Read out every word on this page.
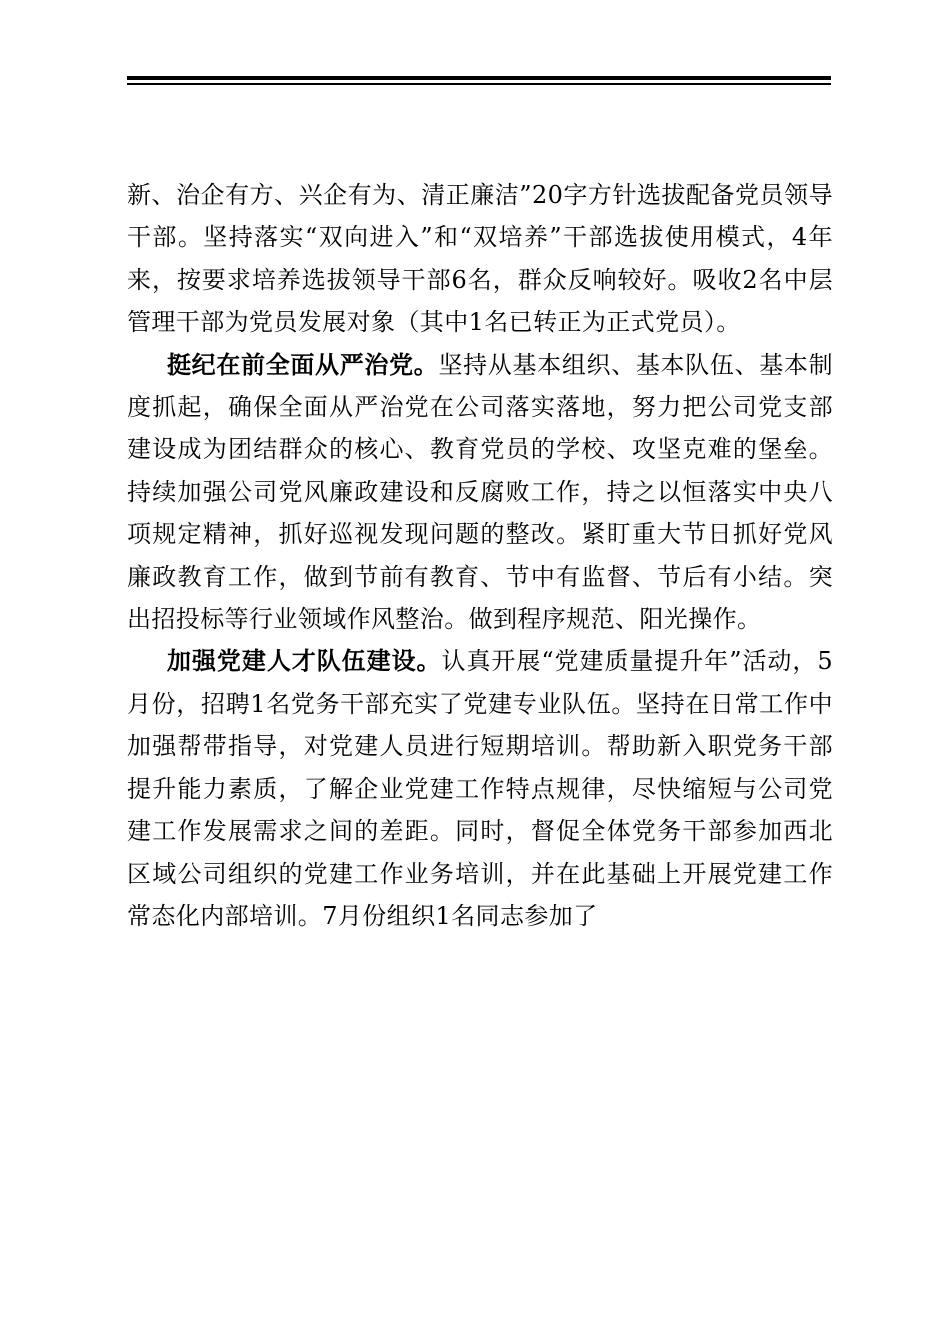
新、治企有方、兴企有为、清正廉洁”20字方针选拔配备党员领导干部。坚持落实“双向进入”和“双培养”干部选拔使用模式，4年来，按要求培养选拔领导干部6名，群众反响较好。吸收2名中层管理干部为党员发展对象（其中1名已转正为正式党员）。

挺纪在前全面从严治党。坚持从基本组织、基本队伍、基本制度抓起，确保全面从严治党在公司落实落地，努力把公司党支部建设成为团结群众的核心、教育党员的学校、攻坚克难的堡垒。持续加强公司党风廉政建设和反腐败工作，持之以恒落实中央八项规定精神，抓好巡视发现问题的整改。紧盯重大节日抓好党风廉政教育工作，做到节前有教育、节中有监督、节后有小结。突出招投标等行业领域作风整治。做到程序规范、阳光操作。

加强党建人才队伍建设。认真开展“党建质量提升年”活动，5月份，招聘1名党务干部充实了党建专业队伍。坚持在日常工作中加强帮带指导，对党建人员进行短期培训。帮助新入职党务干部提升能力素质，了解企业党建工作特点规律，尽快缩短与公司党建工作发展需求之间的差距。同时，督促全体党务干部参加西北区域公司组织的党建工作业务培训，并在此基础上开展党建工作常态化内部培训。7月份组织1名同志参加了
